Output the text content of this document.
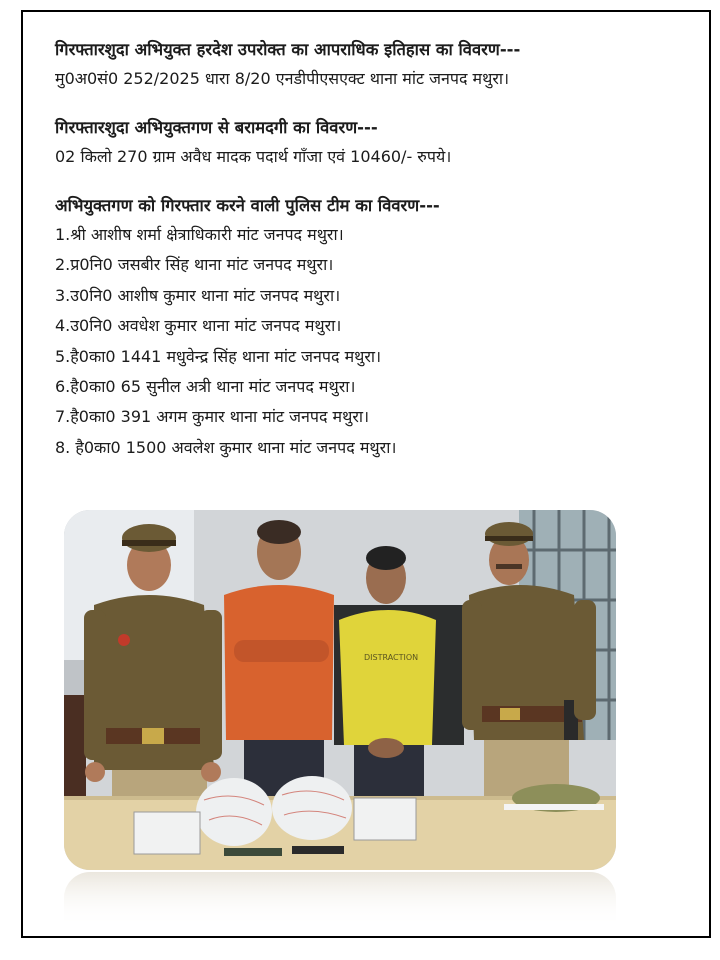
गिरफ्तारशुदा अभियुक्त हरदेश उपरोक्त का आपराधिक इतिहास का विवरण---

मु0अ0सं0 252/2025 धारा 8/20 एनडीपीएसएक्ट थाना मांट जनपद मथुरा।

गिरफ्तारशुदा अभियुक्तगण से बरामदगी का विवरण---

02 किलो 270 ग्राम अवैध मादक पदार्थ गाँजा एवं 10460/- रुपये।

अभियुक्तगण को गिरफ्तार करने वाली पुलिस टीम का विवरण---

1.श्री आशीष शर्मा क्षेत्राधिकारी मांट जनपद मथुरा।
2.प्र0नि0 जसबीर सिंह थाना मांट जनपद मथुरा।
3.उ0नि0 आशीष कुमार थाना मांट जनपद मथुरा।
4.उ0नि0 अवधेश कुमार थाना मांट जनपद मथुरा।
5.है0का0 1441 मधुवेन्द्र सिंह थाना मांट जनपद मथुरा।
6.है0का0 65 सुनील अत्री थाना मांट जनपद मथुरा।
7.है0का0 391 अगम कुमार थाना मांट जनपद मथुरा।
8. है0का0 1500 अवलेश कुमार थाना मांट जनपद मथुरा।
DISTRACTION
